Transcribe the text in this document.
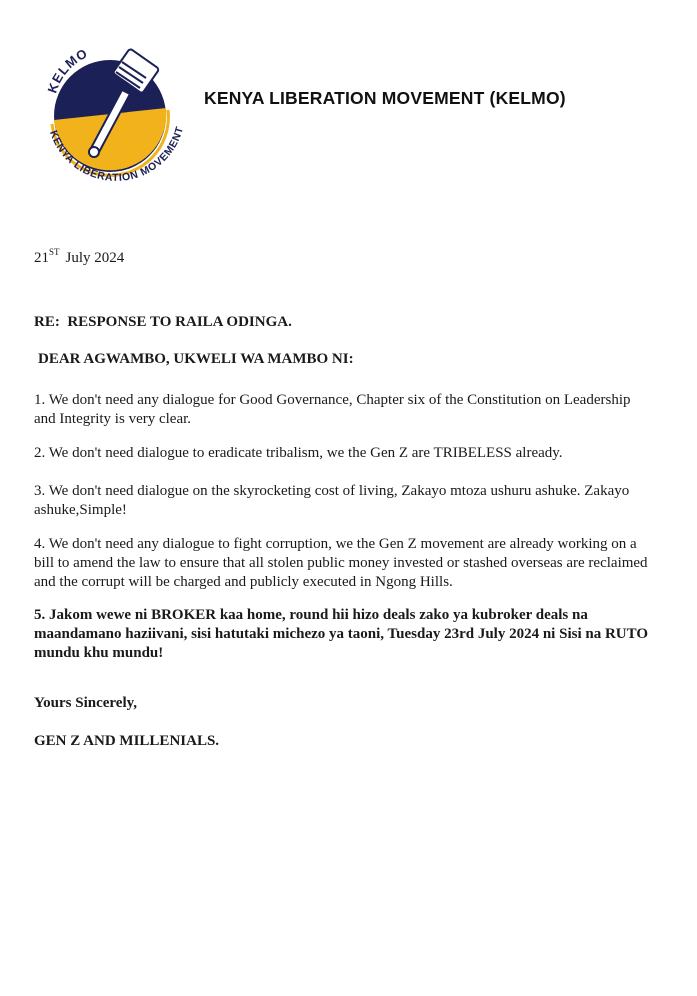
KELMO
KENYA LIBERATION MOVEMENT
KENYA LIBERATION MOVEMENT (KELMO)
21ST July 2024
RE:  RESPONSE TO RAILA ODINGA.
DEAR AGWAMBO, UKWELI WA MAMBO NI:
1. We don't need any dialogue for Good Governance, Chapter six of the Constitution on Leadership and Integrity is very clear.
2. We don't need dialogue to eradicate tribalism, we the Gen Z are TRIBELESS already.
3. We don't need dialogue on the skyrocketing cost of living, Zakayo mtoza ushuru ashuke. Zakayo ashuke,Simple!
4. We don't need any dialogue to fight corruption, we the Gen Z movement are already working on a bill to amend the law to ensure that all stolen public money invested or stashed overseas are reclaimed and the corrupt will be charged and publicly executed in Ngong Hills.
5. Jakom wewe ni BROKER kaa home, round hii hizo deals zako ya kubroker deals na maandamano haziivani, sisi hatutaki michezo ya taoni, Tuesday 23rd July 2024 ni Sisi na RUTO mundu khu mundu!
Yours Sincerely,
GEN Z AND MILLENIALS.
